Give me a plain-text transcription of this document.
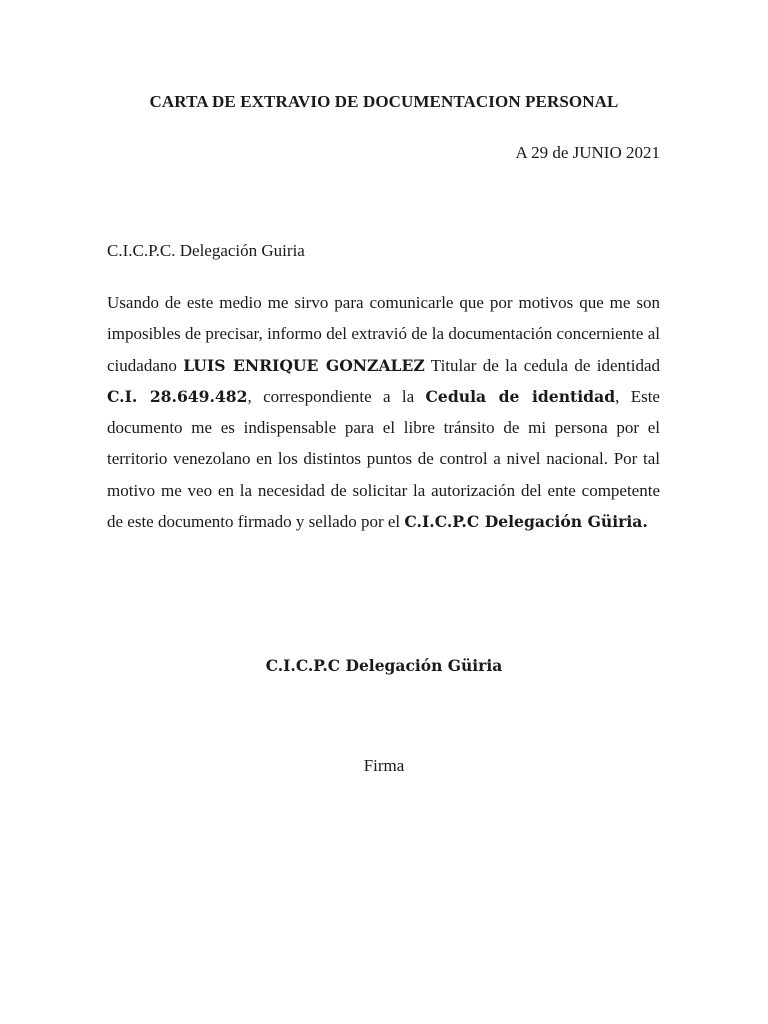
CARTA DE EXTRAVIO DE DOCUMENTACION PERSONAL
A 29 de JUNIO 2021
C.I.C.P.C. Delegación Guiria
Usando de este medio me sirvo para comunicarle que por motivos que me son imposibles de precisar, informo del extravió de la documentación concerniente al ciudadano LUIS ENRIQUE GONZALEZ Titular de la cedula de identidad C.I. 28.649.482, correspondiente a la Cedula de identidad, Este documento me es indispensable para el libre tránsito de mi persona por el territorio venezolano en los distintos puntos de control a nivel nacional. Por tal motivo me veo en la necesidad de solicitar la autorización del ente competente de este documento firmado y sellado por el C.I.C.P.C Delegación Güiria.
C.I.C.P.C Delegación Güiria
Firma
